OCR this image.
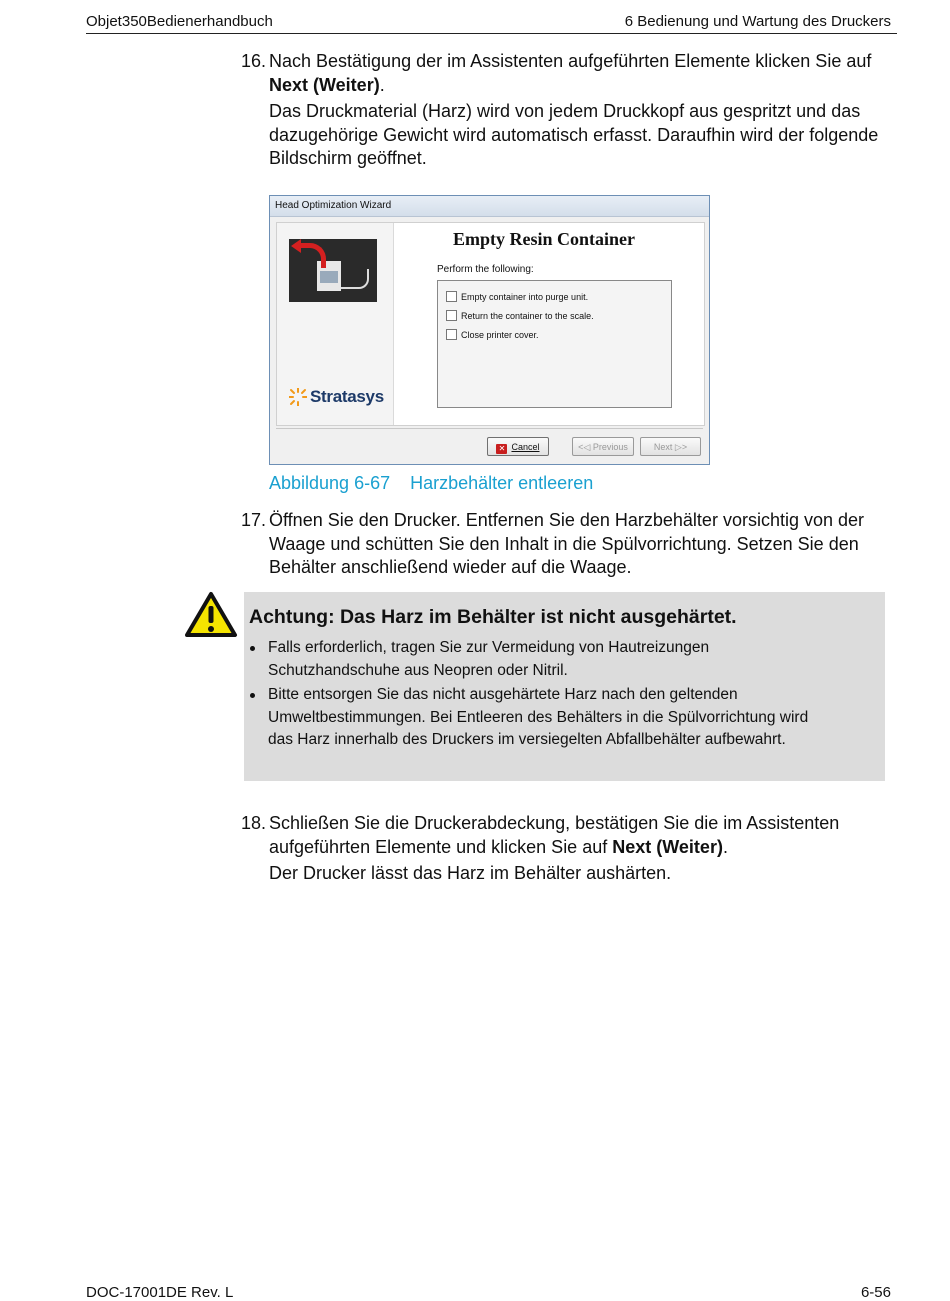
Objet350Bedienerhandbuch	6 Bedienung und Wartung des Druckers
16. Nach Bestätigung der im Assistenten aufgeführten Elemente klicken Sie auf Next (Weiter).

Das Druckmaterial (Harz) wird von jedem Druckkopf aus gespritzt und das dazugehörige Gewicht wird automatisch erfasst. Daraufhin wird der folgende Bildschirm geöffnet.

Head Optimization Wizard
Stratasys
Empty Resin Container
Perform the following:
Empty container into purge unit.
Return the container to the scale.
Close printer cover.
✕ Cancel	<◁ Previous	Next ▷>
Abbildung 6-67    Harzbehälter entleeren
17. Öffnen Sie den Drucker. Entfernen Sie den Harzbehälter vorsichtig von der Waage und schütten Sie den Inhalt in die Spülvorrichtung. Setzen Sie den Behälter anschließend wieder auf die Waage.

Achtung: Das Harz im Behälter ist nicht ausgehärtet.
Falls erforderlich, tragen Sie zur Vermeidung von Hautreizungen Schutzhandschuhe aus Neopren oder Nitril.
Bitte entsorgen Sie das nicht ausgehärtete Harz nach den geltenden Umweltbestimmungen. Bei Entleeren des Behälters in die Spülvorrichtung wird das Harz innerhalb des Druckers im versiegelten Abfallbehälter aufbewahrt.
18. Schließen Sie die Druckerabdeckung, bestätigen Sie die im Assistenten aufgeführten Elemente und klicken Sie auf Next (Weiter).

Der Drucker lässt das Harz im Behälter aushärten.

DOC-17001DE Rev. L	6-56
